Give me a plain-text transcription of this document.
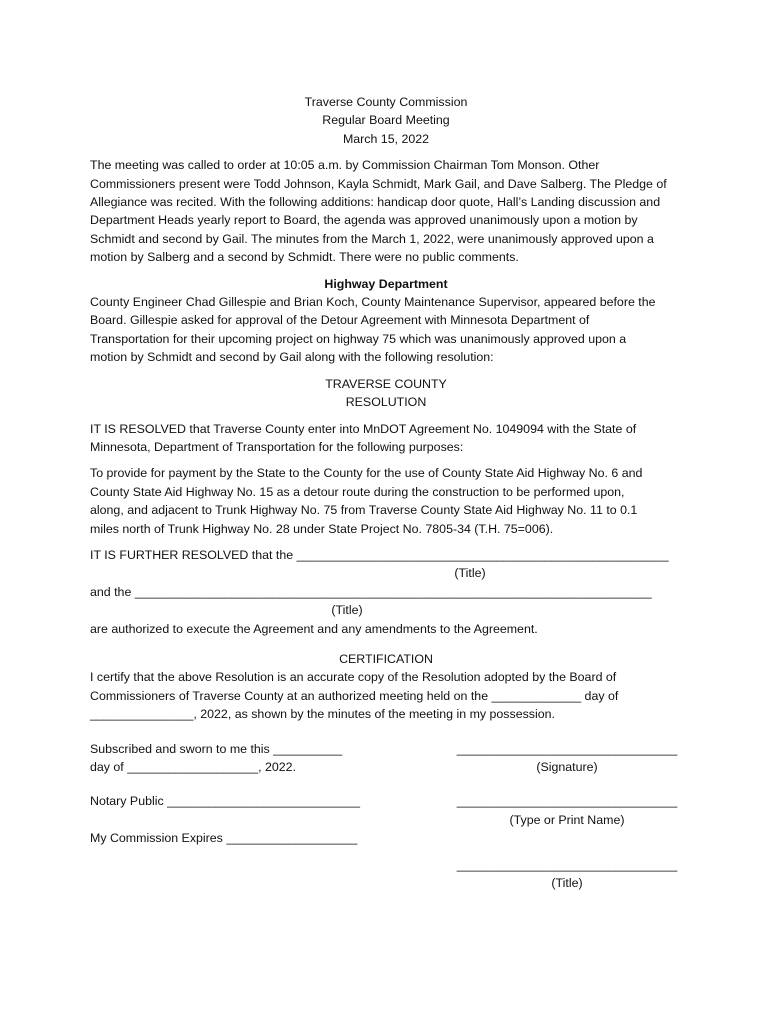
Traverse County Commission

Regular Board Meeting

March 15, 2022

The meeting was called to order at 10:05 a.m. by Commission Chairman Tom Monson. Other

Commissioners present were Todd Johnson, Kayla Schmidt, Mark Gail, and Dave Salberg. The Pledge of

Allegiance was recited. With the following additions: handicap door quote, Hall’s Landing discussion and

Department Heads yearly report to Board, the agenda was approved unanimously upon a motion by

Schmidt and second by Gail. The minutes from the March 1, 2022, were unanimously approved upon a

motion by Salberg and a second by Schmidt. There were no public comments.

Highway Department

County Engineer Chad Gillespie and Brian Koch, County Maintenance Supervisor, appeared before the

Board. Gillespie asked for approval of the Detour Agreement with Minnesota Department of

Transportation for their upcoming project on highway 75 which was unanimously approved upon a

motion by Schmidt and second by Gail along with the following resolution:

TRAVERSE COUNTY

RESOLUTION

IT IS RESOLVED that Traverse County enter into MnDOT Agreement No. 1049094 with the State of

Minnesota, Department of Transportation for the following purposes:

To provide for payment by the State to the County for the use of County State Aid Highway No. 6 and

County State Aid Highway No. 15 as a detour route during the construction to be performed upon,

along, and adjacent to Trunk Highway No. 75 from Traverse County State Aid Highway No. 11 to 0.1

miles north of Trunk Highway No. 28 under State Project No. 7805-34 (T.H. 75=006).

IT IS FURTHER RESOLVED that the ______________________________________________________

(Title)

and the ___________________________________________________________________________

(Title)

are authorized to execute the Agreement and any amendments to the Agreement.

CERTIFICATION

I certify that the above Resolution is an accurate copy of the Resolution adopted by the Board of

Commissioners of Traverse County at an authorized meeting held on the _____________ day of

_______________, 2022, as shown by the minutes of the meeting in my possession.

Subscribed and sworn to me this __________

day of ___________________, 2022.

________________________________

(Signature)

Notary Public ____________________________	________________________________

(Type or Print Name)

My Commission Expires ___________________

________________________________

(Title)
